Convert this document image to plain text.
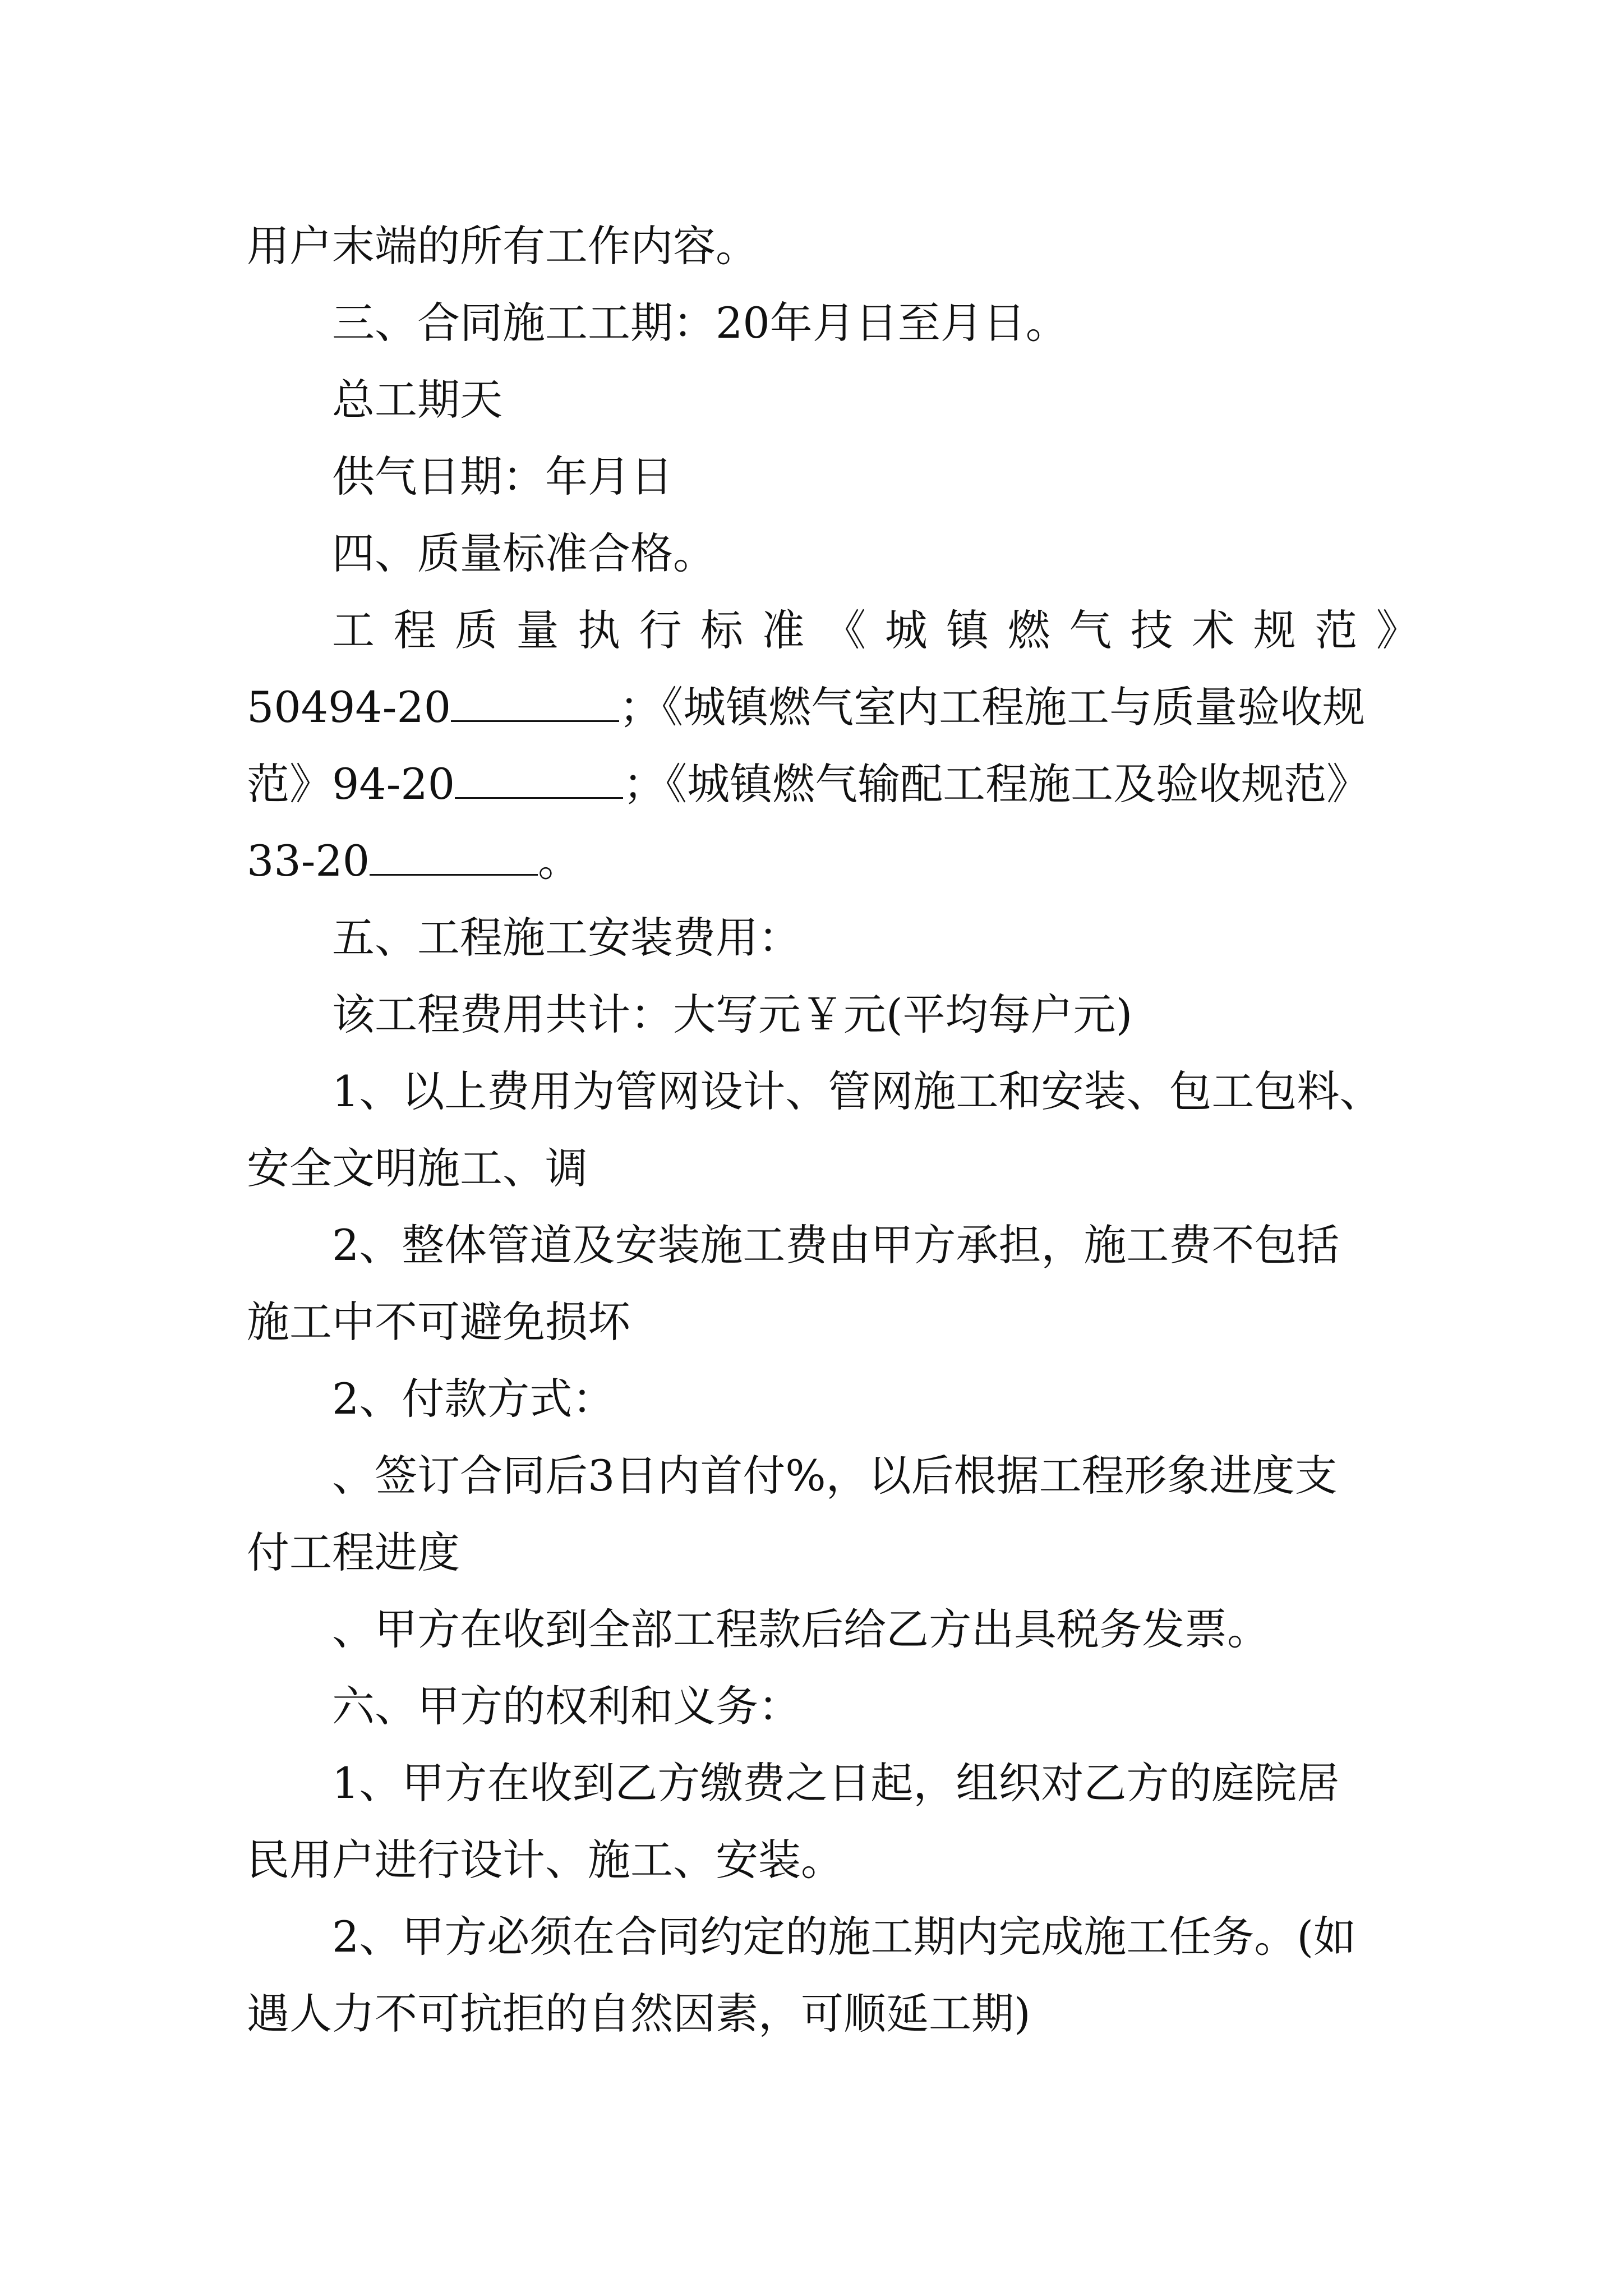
用户末端的所有工作内容。
三、合同施工工期：20年月日至月日。
总工期天
供气日期：年月日
四、质量标准合格。
工 程 质 量 执 行 标 准 《 城 镇 燃 气 技 术 规 范 》
50494-20	；《城镇燃气室内工程施工与质量验收规
范》94-20	；《城镇燃气输配工程施工及验收规范》
33-20	。
五、工程施工安装费用：
该工程费用共计：大写元￥元(平均每户元)
1、以上费用为管网设计、管网施工和安装、包工包料、
安全文明施工、调
2、整体管道及安装施工费由甲方承担，施工费不包括
施工中不可避免损坏
2、付款方式：
、签订合同后3日内首付%，以后根据工程形象进度支
付工程进度
、甲方在收到全部工程款后给乙方出具税务发票。
六、甲方的权利和义务：
1、甲方在收到乙方缴费之日起，组织对乙方的庭院居
民用户进行设计、施工、安装。
2、甲方必须在合同约定的施工期内完成施工任务。(如
遇人力不可抗拒的自然因素，可顺延工期)
